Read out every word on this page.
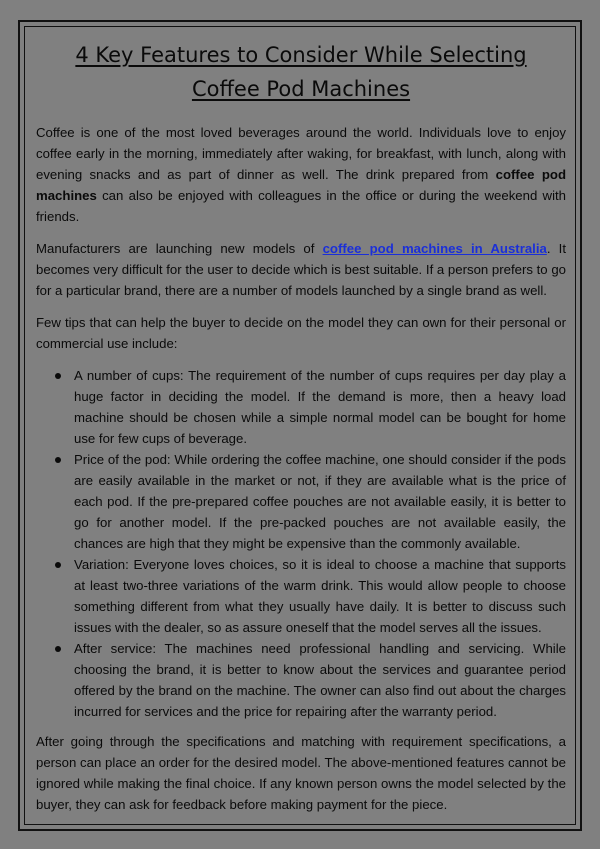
4 Key Features to Consider While Selecting
Coffee Pod Machines

Coffee is one of the most loved beverages around the world. Individuals love to enjoy coffee early in the morning, immediately after waking, for breakfast, with lunch, along with evening snacks and as part of dinner as well. The drink prepared from coffee pod machines can also be enjoyed with colleagues in the office or during the weekend with friends.

Manufacturers are launching new models of coffee pod machines in Australia. It becomes very difficult for the user to decide which is best suitable. If a person prefers to go for a particular brand, there are a number of models launched by a single brand as well.

Few tips that can help the buyer to decide on the model they can own for their personal or commercial use include:

A number of cups: The requirement of the number of cups requires per day play a huge factor in deciding the model. If the demand is more, then a heavy load machine should be chosen while a simple normal model can be bought for home use for few cups of beverage.
Price of the pod: While ordering the coffee machine, one should consider if the pods are easily available in the market or not, if they are available what is the price of each pod. If the pre-prepared coffee pouches are not available easily, it is better to go for another model. If the pre-packed pouches are not available easily, the chances are high that they might be expensive than the commonly available.
Variation: Everyone loves choices, so it is ideal to choose a machine that supports at least two-three variations of the warm drink. This would allow people to choose something different from what they usually have daily. It is better to discuss such issues with the dealer, so as assure oneself that the model serves all the issues.
After service: The machines need professional handling and servicing. While choosing the brand, it is better to know about the services and guarantee period offered by the brand on the machine. The owner can also find out about the charges incurred for services and the price for repairing after the warranty period.

After going through the specifications and matching with requirement specifications, a person can place an order for the desired model. The above-mentioned features cannot be ignored while making the final choice. If any known person owns the model selected by the buyer, they can ask for feedback before making payment for the piece.
